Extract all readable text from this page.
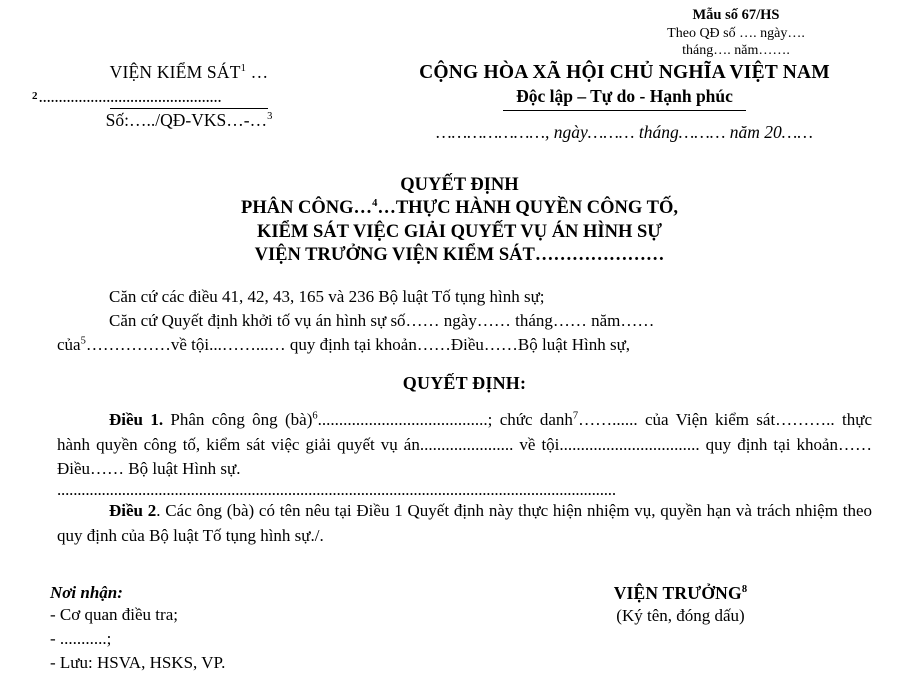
Mẫu số 67/HS
Theo QĐ số …. ngày….
tháng…. năm…….
VIỆN KIỂM SÁT$^1$ …
2 ..............................................
Số:…../QĐ-VKS…-…$^3$
CỘNG HÒA XÃ HỘI CHỦ NGHĨA VIỆT NAM
Độc lập – Tự do - Hạnh phúc
…………………, ngày……… tháng……… năm 20……
QUYẾT ĐỊNH
PHÂN CÔNG…$^4$…THỰC HÀNH QUYỀN CÔNG TỐ,
KIỂM SÁT VIỆC GIẢI QUYẾT VỤ ÁN HÌNH SỰ
VIỆN TRƯỞNG VIỆN KIỂM SÁT…………………

Căn cứ các điều 41, 42, 43, 165 và 236 Bộ luật Tố tụng hình sự;

Căn cứ Quyết định khởi tố vụ án hình sự số…… ngày…… tháng…… năm……

của$^5$……………về tội...……...… quy định tại khoản……Điều……Bộ luật Hình sự,

QUYẾT ĐỊNH:

Điều 1. Phân công ông (bà)$^6$........................................; chức danh$^7$……...... của Viện kiểm sát……….. thực hành quyền công tố, kiểm sát việc giải quyết vụ án...................... về tội................................. quy định tại khoản…… Điều…… Bộ luật Hình sự.

..........................................................................................................................................

Điều 2. Các ông (bà) có tên nêu tại Điều 1 Quyết định này thực hiện nhiệm vụ, quyền hạn và trách nhiệm theo quy định của Bộ luật Tố tụng hình sự./.

Nơi nhận:
- Cơ quan điều tra;
- ...........;
- Lưu: HSVA, HSKS, VP.
VIỆN TRƯỞNG$^8$
(Ký tên, đóng dấu)
